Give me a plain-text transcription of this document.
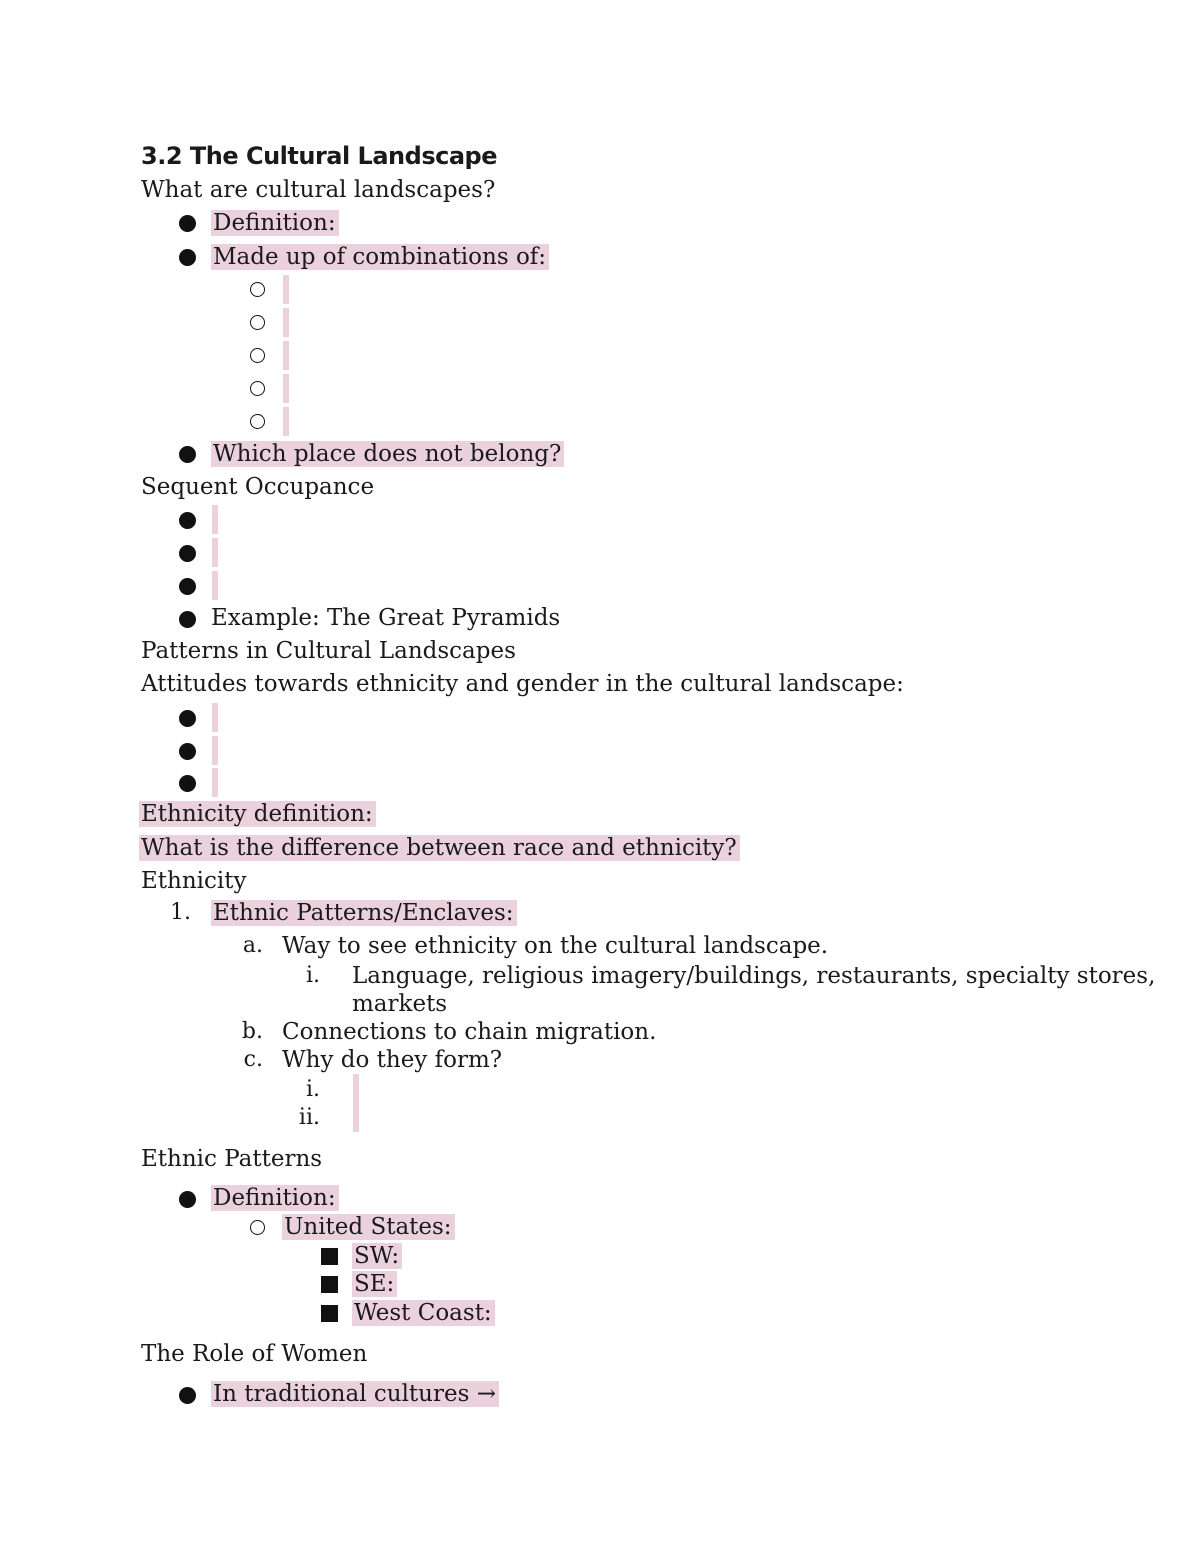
3.2 The Cultural Landscape
What are cultural landscapes?
Definition:
Made up of combinations of:
Which place does not belong?
Sequent Occupance
Example: The Great Pyramids
Patterns in Cultural Landscapes
Attitudes towards ethnicity and gender in the cultural landscape:
Ethnicity definition:
What is the difference between race and ethnicity?
Ethnicity
1. Ethnic Patterns/Enclaves:
a. Way to see ethnicity on the cultural landscape.
i. Language, religious imagery/buildings, restaurants, specialty stores,
markets
b. Connections to chain migration.
c. Why do they form?
i.
ii.
Ethnic Patterns
Definition:
United States:
SW:
SE:
West Coast:
The Role of Women
In traditional cultures →
